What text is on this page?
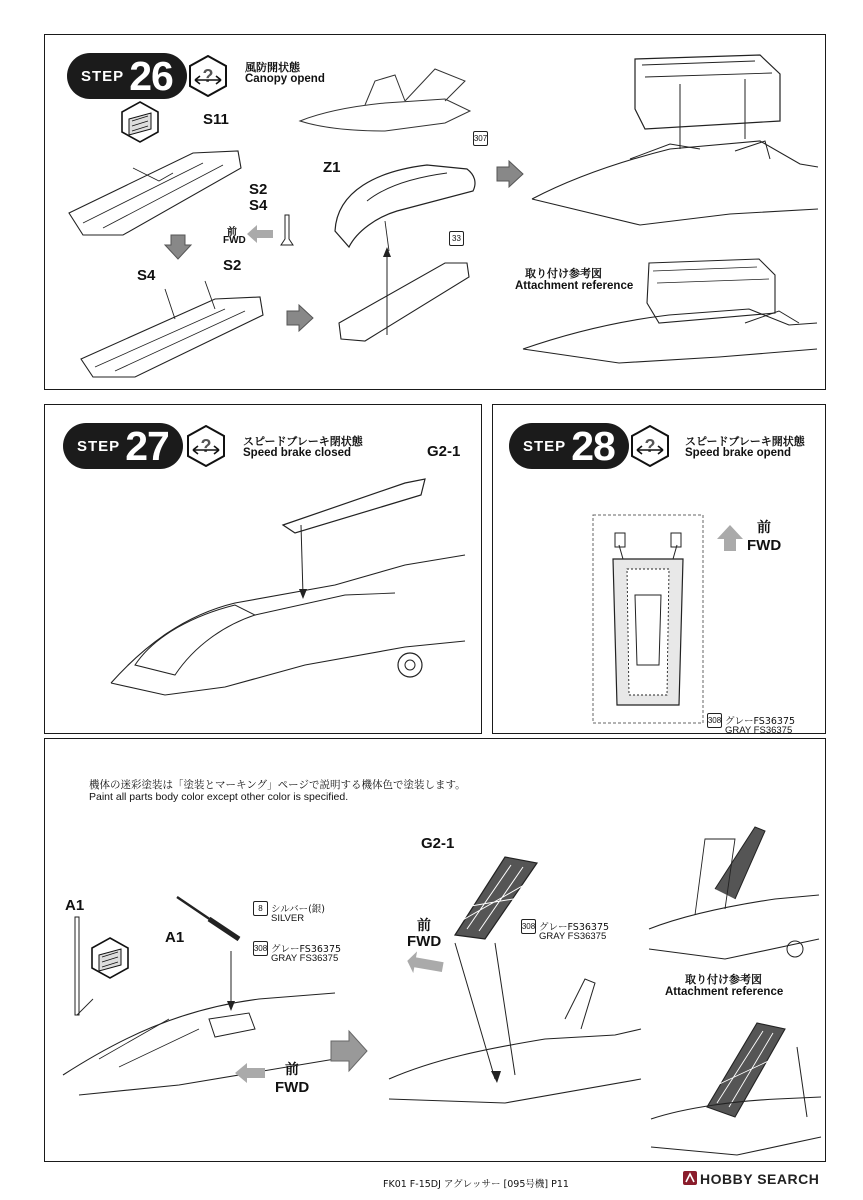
STEP 26 ?	風防開状態
Canopy opend
S11
S2
S4
前
FWD
S4
S2
Z1
307
33
取り付け参考図
Attachment reference
STEP 27 ?	スピードブレーキ閉状態
Speed brake closed	G2-1	STEP 28 ?	スピードブレーキ開状態
Speed brake opend
前
FWD
308 グレーFS36375
GRAY FS36375
機体の迷彩塗装は「塗装とマーキング」ページで説明する機体色で塗装します。
Paint all parts body color except other color is specified.
A1
A1
8 シルバー(銀)
SILVER
308 グレーFS36375
GRAY FS36375
前
FWD
G2-1
308 グレーFS36375
GRAY FS36375
前
FWD
取り付け参考図
Attachment reference
FK01 F-15DJ アグレッサー [095号機] P11	HOBBY SEARCH
